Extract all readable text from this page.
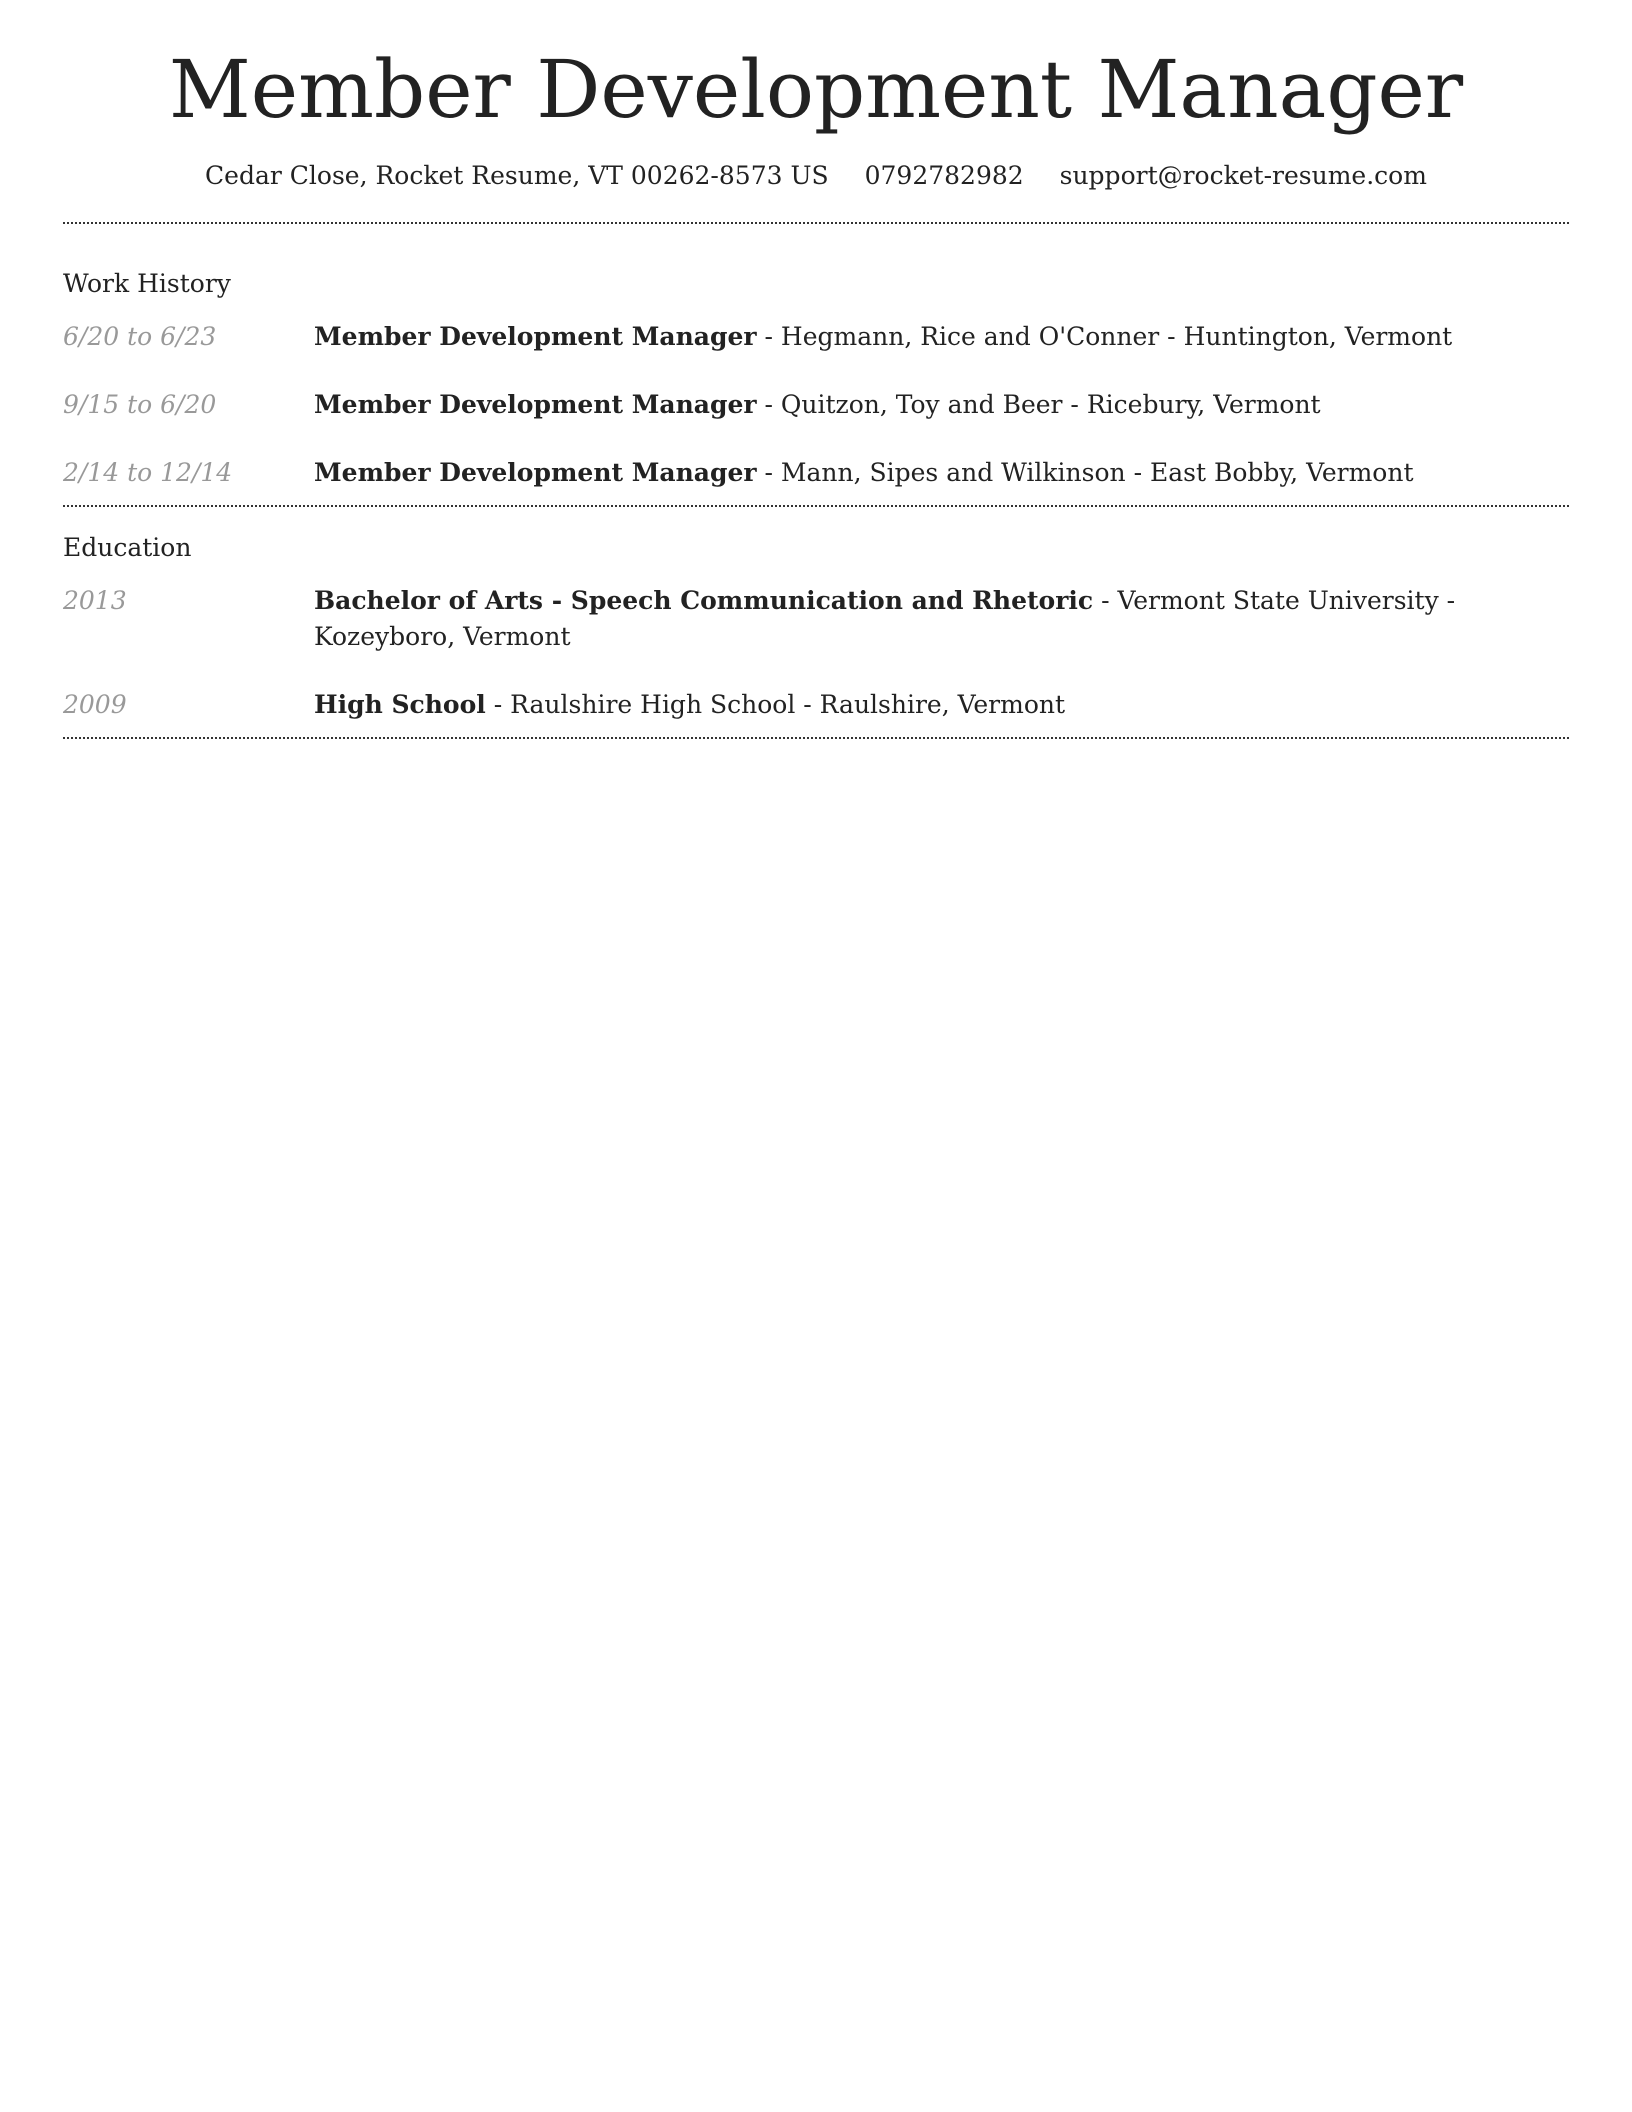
Member Development Manager
Cedar Close, Rocket Resume, VT 00262-8573 US 0792782982 support@rocket-resume.com
Work History
6/20 to 6/23	Member Development Manager - Hegmann, Rice and O'Conner - Huntington, Vermont
9/15 to 6/20	Member Development Manager - Quitzon, Toy and Beer - Ricebury, Vermont
2/14 to 12/14	Member Development Manager - Mann, Sipes and Wilkinson - East Bobby, Vermont
Education
2013	Bachelor of Arts - Speech Communication and Rhetoric - Vermont State University - Kozeyboro, Vermont
2009	High School - Raulshire High School - Raulshire, Vermont
